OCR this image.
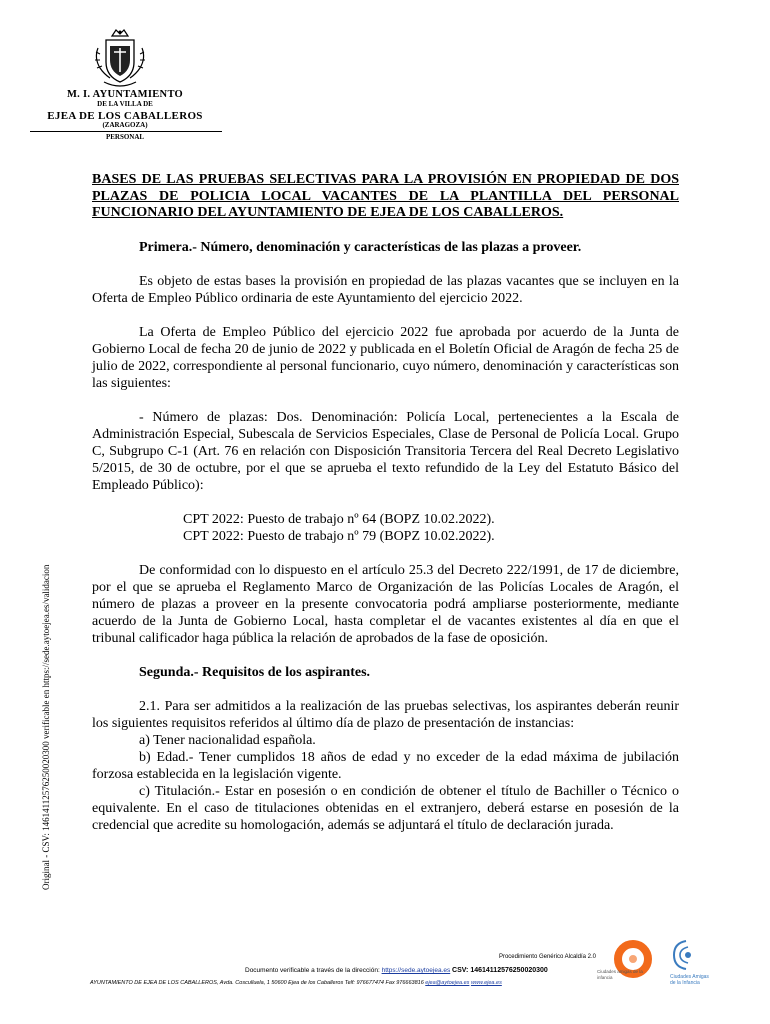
M. I. AYUNTAMIENTO
DE LA VILLA DE
EJEA DE LOS CABALLEROS
(ZARAGOZA)
PERSONAL
Original - CSV: 14614112576250020300 verificable en https://sede.aytoejea.es/validacion

BASES DE LAS PRUEBAS SELECTIVAS PARA LA PROVISIÓN EN PROPIEDAD DE DOS PLAZAS DE POLICIA LOCAL VACANTES DE LA PLANTILLA DEL PERSONAL FUNCIONARIO DEL AYUNTAMIENTO DE EJEA DE LOS CABALLEROS.

Primera.- Número, denominación y características de las plazas a proveer.

Es objeto de estas bases la provisión en propiedad de las plazas vacantes que se incluyen en la Oferta de Empleo Público ordinaria de este Ayuntamiento del ejercicio 2022.

La Oferta de Empleo Público del ejercicio 2022 fue aprobada por acuerdo de la Junta de Gobierno Local de fecha 20 de junio de 2022 y publicada en el Boletín Oficial de Aragón de fecha 25 de julio de 2022, correspondiente al personal funcionario, cuyo número, denominación y características son las siguientes:

- Número de plazas: Dos. Denominación: Policía Local, pertenecientes a la Escala de Administración Especial, Subescala de Servicios Especiales, Clase de Personal de Policía Local. Grupo C, Subgrupo C-1 (Art. 76 en relación con Disposición Transitoria Tercera del Real Decreto Legislativo 5/2015, de 30 de octubre, por el que se aprueba el texto refundido de la Ley del Estatuto Básico del Empleado Público):

CPT 2022: Puesto de trabajo nº 64 (BOPZ 10.02.2022).

CPT 2022: Puesto de trabajo nº 79 (BOPZ 10.02.2022).

De conformidad con lo dispuesto en el artículo 25.3 del Decreto 222/1991, de 17 de diciembre, por el que se aprueba el Reglamento Marco de Organización de las Policías Locales de Aragón, el número de plazas a proveer en la presente convocatoria podrá ampliarse posteriormente, mediante acuerdo de la Junta de Gobierno Local, hasta completar el de vacantes existentes al día en que el tribunal calificador haga pública la relación de aprobados de la fase de oposición.

Segunda.- Requisitos de los aspirantes.

2.1. Para ser admitidos a la realización de las pruebas selectivas, los aspirantes deberán reunir los siguientes requisitos referidos al último día de plazo de presentación de instancias:

a) Tener nacionalidad española.

b) Edad.- Tener cumplidos 18 años de edad y no exceder de la edad máxima de jubilación forzosa establecida en la legislación vigente.

c) Titulación.- Estar en posesión o en condición de obtener el título de Bachiller o Técnico o equivalente. En el caso de titulaciones obtenidas en el extranjero, deberá estarse en posesión de la credencial que acredite su homologación, además se adjuntará el título de declaración jurada.

Procedimiento Genérico Alcaldía 2.0
Documento verificable a través de la dirección: https://sede.aytoejea.es CSV: 14614112576250020300
AYUNTAMIENTO DE EJEA DE LOS CABALLEROS, Avda. Cosculluela, 1 50600 Ejea de los Caballeros Telf: 976677474 Fax 976663816 ejea@aytoejea.es www.ejea.es
Ciudades amigas de la infancia	Ciudades Amigas de la Infancia
